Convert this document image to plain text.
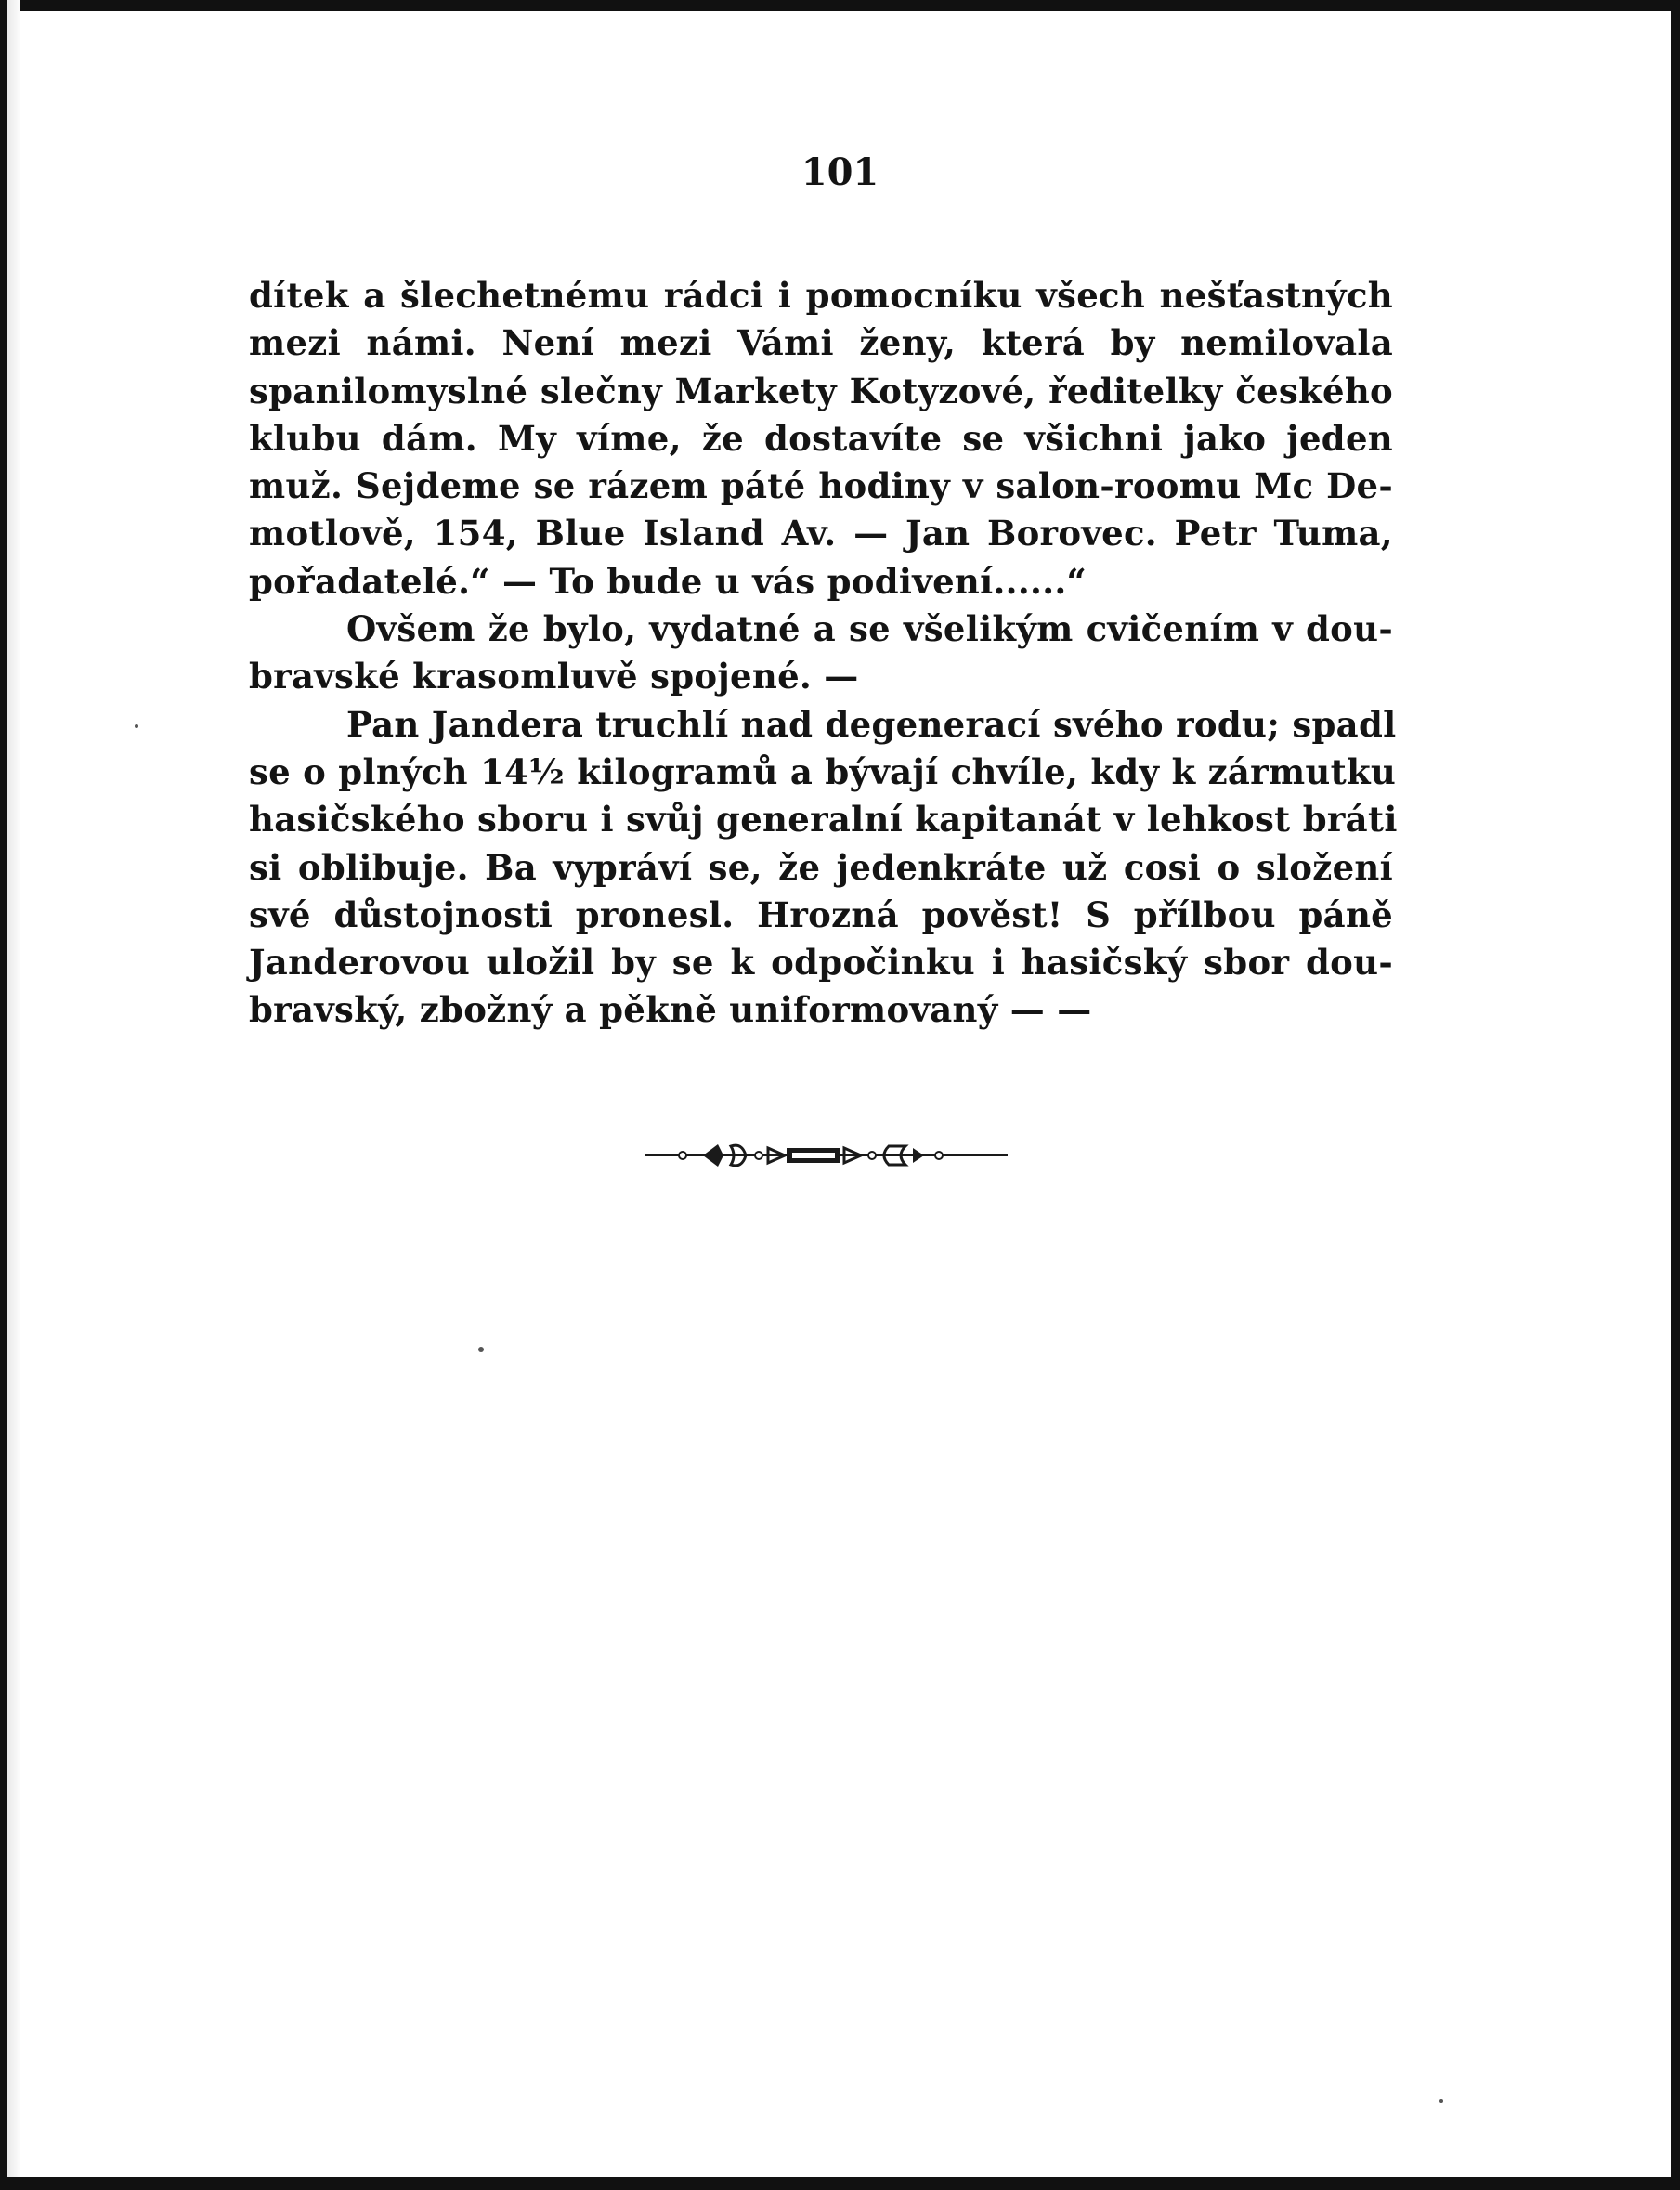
101
dítek a šlechetnému rádci i pomocníku všech nešťastných
mezi námi. Není mezi Vámi ženy, která by nemilovala
spanilomyslné slečny Markety Kotyzové, ředitelky českého
klubu dám. My víme, že dostavíte se všichni jako jeden
muž. Sejdeme se rázem páté hodiny v salon-roomu Mc De-
motlově, 154, Blue Island Av. — Jan Borovec. Petr Tuma,
pořadatelé.“ — To bude u vás podivení......“
Ovšem že bylo, vydatné a se všelikým cvičením v dou-
bravské krasomluvě spojené. —
Pan Jandera truchlí nad degenerací svého rodu; spadl
se o plných 14½ kilogramů a bývají chvíle, kdy k zármutku
hasičského sboru i svůj generalní kapitanát v lehkost bráti
si oblibuje. Ba vypráví se, že jedenkráte už cosi o složení
své důstojnosti pronesl. Hrozná pověst! S přílbou páně
Janderovou uložil by se k odpočinku i hasičský sbor dou-
bravský, zbožný a pěkně uniformovaný — —
